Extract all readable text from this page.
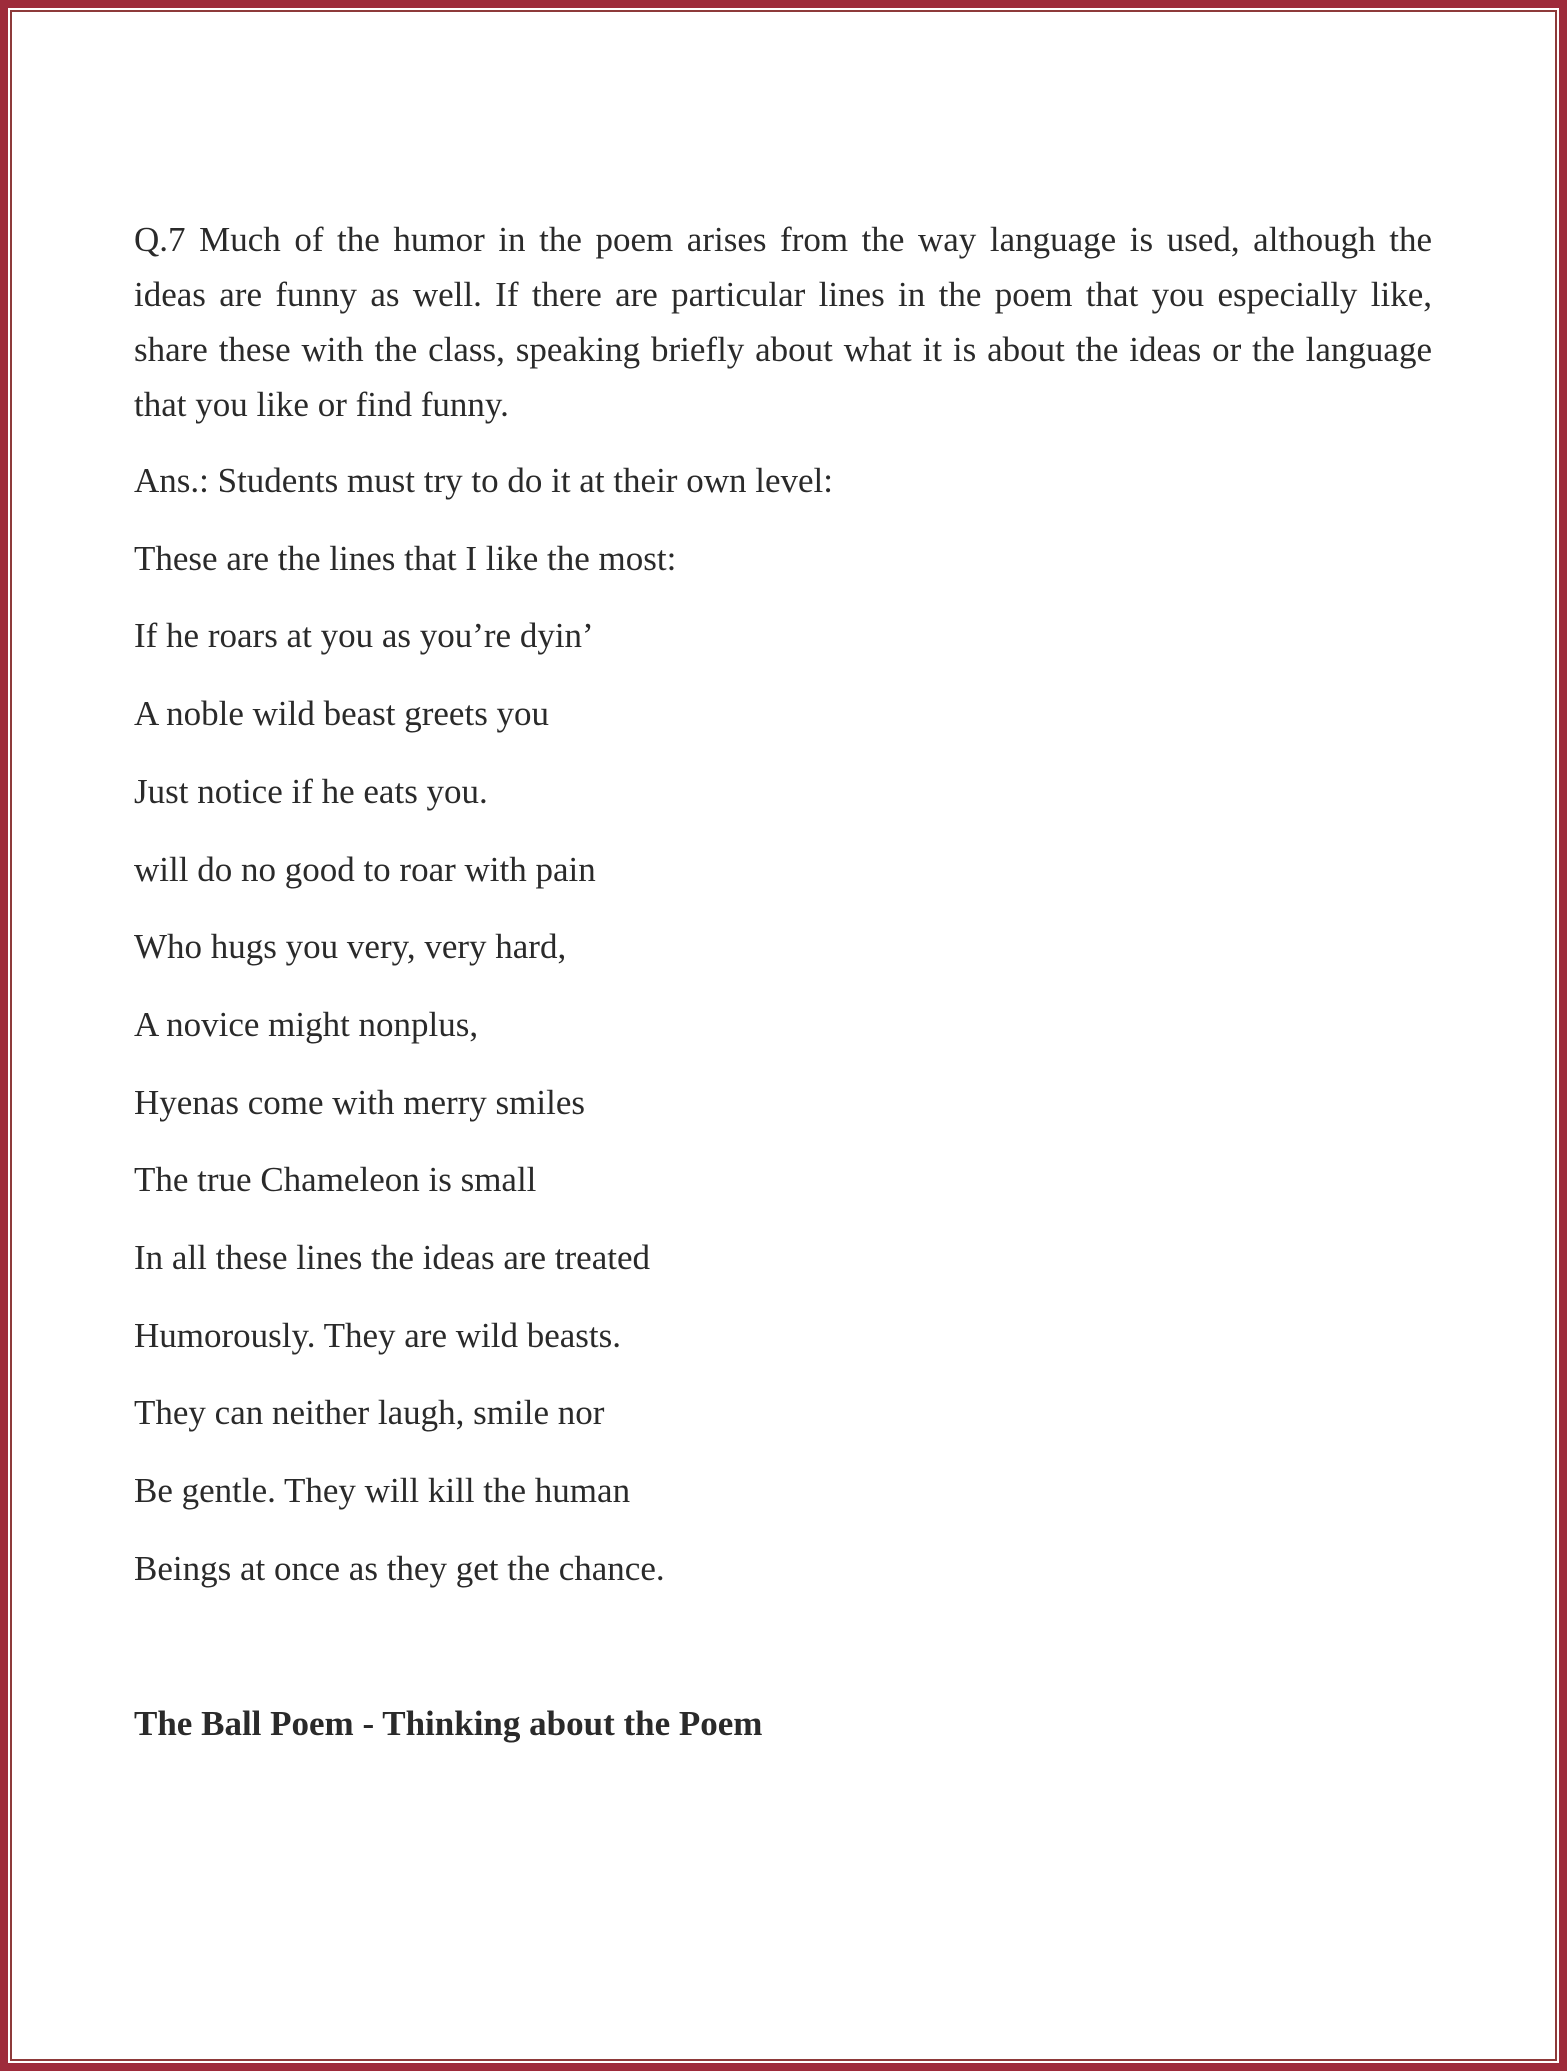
Q.7 Much of the humor in the poem arises from the way language is used, although the ideas are funny as well. If there are particular lines in the poem that you especially like, share these with the class, speaking briefly about what it is about the ideas or the language that you like or find funny.

Ans.: Students must try to do it at their own level:
These are the lines that I like the most:
If he roars at you as you’re dyin’
A noble wild beast greets you
Just notice if he eats you.
will do no good to roar with pain
Who hugs you very, very hard,
A novice might nonplus,
Hyenas come with merry smiles
The true Chameleon is small
In all these lines the ideas are treated
Humorously. They are wild beasts.
They can neither laugh, smile nor
Be gentle. They will kill the human
Beings at once as they get the chance.
The Ball Poem - Thinking about the Poem
